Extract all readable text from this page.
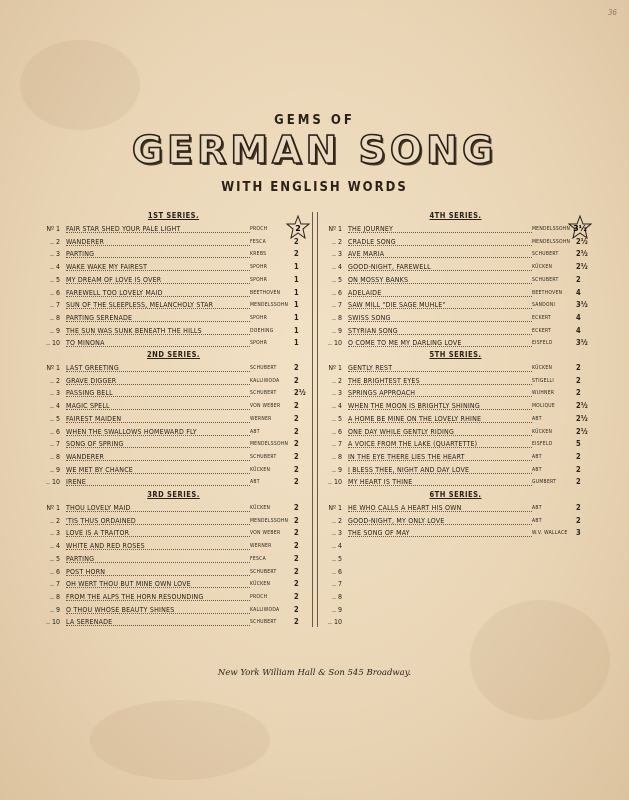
36
GEMS OF
GERMAN SONG
WITH ENGLISH WORDS
1ST SERIES.
2
Nº 1 FAIR STAR SHED YOUR PALE LIGHT	PROCH
.. 2 WANDERER	FESCA	2
.. 3 PARTING	KREBS	2
.. 4 WAKE WAKE MY FAIREST	SPOHR	1
.. 5 MY DREAM OF LOVE IS OVER	SPOHR	1
.. 6 FAREWELL TOO LOVELY MAID	BEETHOVEN 1
.. 7 SUN OF THE SLEEPLESS, MELANCHOLY STAR	MENDELSSOHN 1
.. 8 PARTING SERENADE	SPOHR	1
.. 9 THE SUN WAS SUNK BENEATH THE HILLS	DOEHING	1
.. 10 TO MINONA	SPOHR	1
2ND SERIES.
Nº 1 LAST GREETING	SCHUBERT 2
.. 2 GRAVE DIGGER	KALLIWODA 2
.. 3 PASSING BELL	SCHUBERT 2½
.. 4 MAGIC SPELL	VON WEBER 2
.. 5 FAIREST MAIDEN	WERNER	2
.. 6 WHEN THE SWALLOWS HOMEWARD FLY	ABT	2
.. 7 SONG OF SPRING	MENDELSSOHN 2
.. 8 WANDERER	SCHUBERT 2
.. 9 WE MET BY CHANCE	KÜCKEN	2
.. 10 IRENE	ABT	2
3RD SERIES.
Nº 1 THOU LOVELY MAID	KÜCKEN	2
.. 2 'TIS THUS ORDAINED	MENDELSSOHN 2
.. 3 LOVE IS A TRAITOR	VON WEBER 2
.. 4 WHITE AND RED ROSES	WERNER	2
.. 5 PARTING	FESCA	2
.. 6 POST HORN	SCHUBERT 2
.. 7 OH WERT THOU BUT MINE OWN LOVE	KÜCKEN	2
.. 8 FROM THE ALPS THE HORN RESOUNDING	PROCH	2
.. 9 O THOU WHOSE BEAUTY SHINES	KALLIWODA 2
.. 10 LA SERENADE	SCHUBERT 2
4TH SERIES.
3½
Nº 1 THE JOURNEY	MENDELSSOHN
.. 2 CRADLE SONG	MENDELSSOHN 2½
.. 3 AVE MARIA	SCHUBERT 2½
.. 4 GOOD-NIGHT, FAREWELL	KÜCKEN	2½
.. 5 ON MOSSY BANKS	SCHUBERT 2
.. 6 ADELAIDE	BEETHOVEN 4
.. 7 SAW MILL "DIE SAGE MUHLE"	SANDONI	3½
.. 8 SWISS SONG	ECKERT	4
.. 9 STYRIAN SONG	ECKERT	4
.. 10 O COME TO ME MY DARLING LOVE	EISFELD	3½
5TH SERIES.
Nº 1 GENTLY REST	KÜCKEN	2
.. 2 THE BRIGHTEST EYES	STIGELLI	2
.. 3 SPRINGS APPROACH	WUHNER	2
.. 4 WHEN THE MOON IS BRIGHTLY SHINING	MOLIQUE	2½
.. 5 A HOME BE MINE ON THE LOVELY RHINE	ABT	2½
.. 6 ONE DAY WHILE GENTLY RIDING	KÜCKEN	2½
.. 7 A VOICE FROM THE LAKE (QUARTETTE)	EISFELD	5
.. 8 IN THE EYE THERE LIES THE HEART	ABT	2
.. 9 I BLESS THEE, NIGHT AND DAY LOVE	ABT	2
.. 10 MY HEART IS THINE	GUMBERT	2
6TH SERIES.
Nº 1 HE WHO CALLS A HEART HIS OWN	ABT	2
.. 2 GOOD-NIGHT, MY ONLY LOVE	ABT	2
.. 3 THE SONG OF MAY	W.V. WALLACE 3
.. 4
.. 5
.. 6
.. 7
.. 8
.. 9
.. 10
New York William Hall & Son 545 Broadway.
